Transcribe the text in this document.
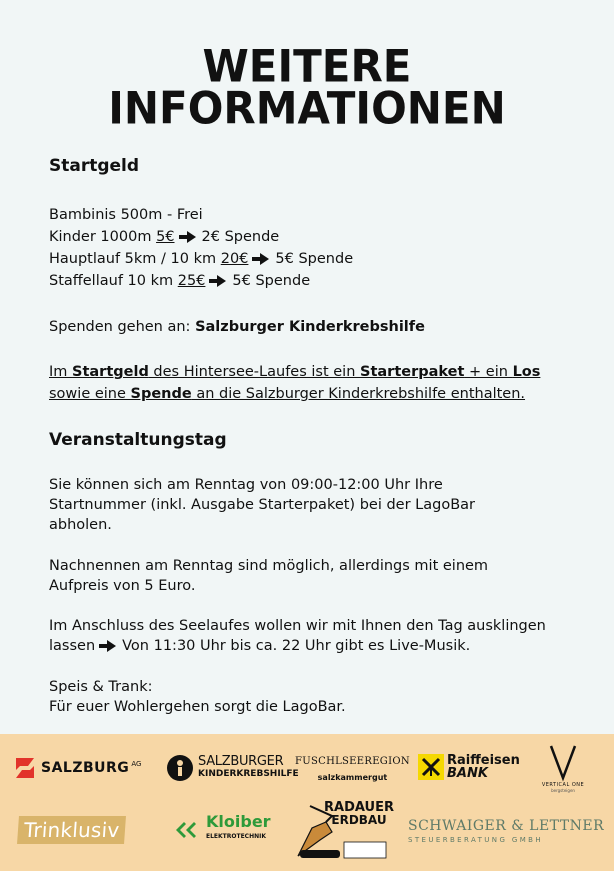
WEITERE
INFORMATIONEN
Startgeld
Bambinis 500m - Frei
Kinder 1000m 5€ 2€ Spende
Hauptlauf 5km / 10 km 20€ 5€ Spende
Staffellauf 10 km 25€ 5€ Spende
Spenden gehen an: Salzburger Kinderkrebshilfe
Im Startgeld des Hintersee-Laufes ist ein Starterpaket + ein Los
sowie eine Spende an die Salzburger Kinderkrebshilfe enthalten.
Veranstaltungstag
Sie können sich am Renntag von 09:00-12:00 Uhr Ihre
Startnummer (inkl. Ausgabe Starterpaket) bei der LagoBar
abholen.
Nachnennen am Renntag sind möglich, allerdings mit einem
Aufpreis von 5 Euro.
Im Anschluss des Seelaufes wollen wir mit Ihnen den Tag ausklingen
lassen Von 11:30 Uhr bis ca. 22 Uhr gibt es Live-Musik.
Speis & Trank:
Für euer Wohlergehen sorgt die LagoBar.
SALZBURG AG	SALZBURGER
KINDERKREBSHILFE
FUSCHLSEEREGION
salzkammergut
Raiffeisen
BANK
VERTICAL ONE
bergsteigen
Trinklusiv	Kloiber
ELEKTROTECHNIK
RADAUER
ERDBAU	SCHWAIGER & LETTNER
STEUERBERATUNG GMBH
